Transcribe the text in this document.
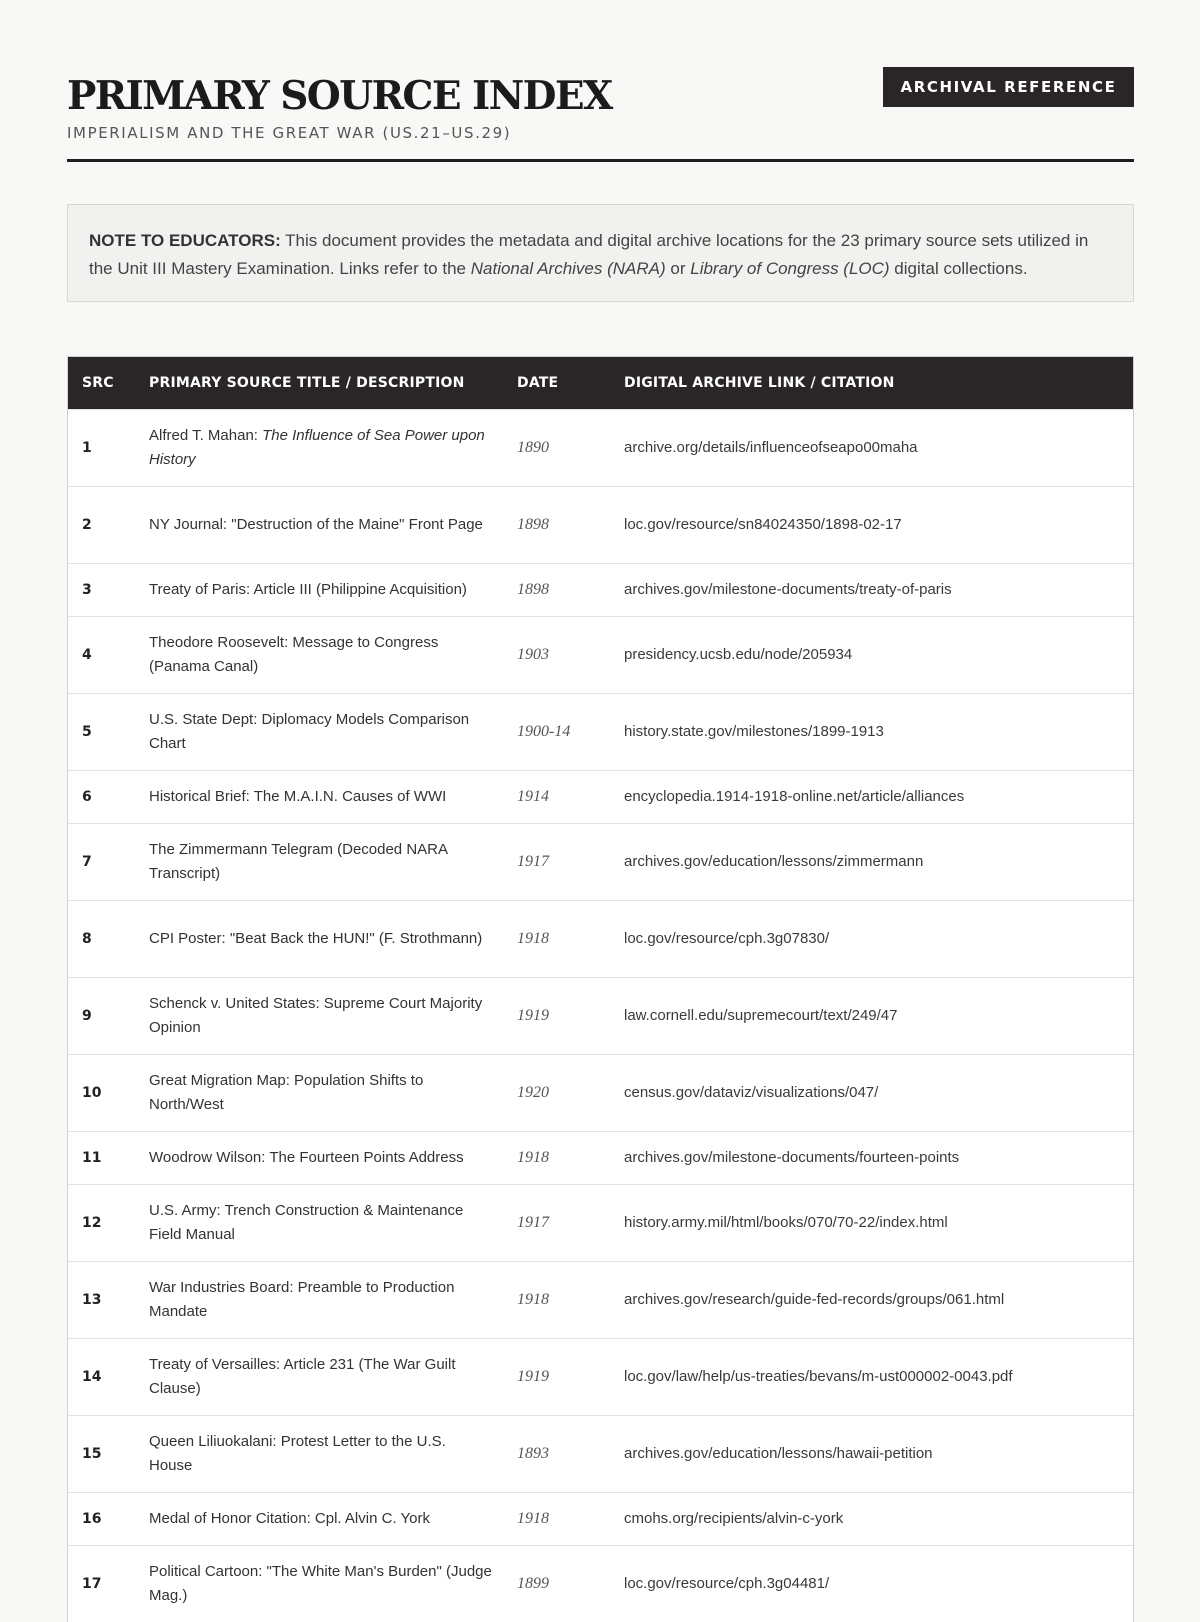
PRIMARY SOURCE INDEX
IMPERIALISM AND THE GREAT WAR (US.21–US.29)
ARCHIVAL REFERENCE
NOTE TO EDUCATORS: This document provides the metadata and digital archive locations for the 23 primary source sets utilized in the Unit III Mastery Examination. Links refer to the National Archives (NARA) or Library of Congress (LOC) digital collections.
SRC	PRIMARY SOURCE TITLE / DESCRIPTION	DATE	DIGITAL ARCHIVE LINK / CITATION
1	Alfred T. Mahan: The Influence of Sea Power upon History	1890	archive.org/details/influenceofseapo00maha
2	NY Journal: "Destruction of the Maine" Front Page	1898	loc.gov/resource/sn84024350/1898-02-17
3	Treaty of Paris: Article III (Philippine Acquisition)	1898	archives.gov/milestone-documents/treaty-of-paris
4	Theodore Roosevelt: Message to Congress (Panama Canal)	1903	presidency.ucsb.edu/node/205934
5	U.S. State Dept: Diplomacy Models Comparison Chart	1900-14	history.state.gov/milestones/1899-1913
6	Historical Brief: The M.A.I.N. Causes of WWI	1914	encyclopedia.1914-1918-online.net/article/alliances
7	The Zimmermann Telegram (Decoded NARA Transcript)	1917	archives.gov/education/lessons/zimmermann
8	CPI Poster: "Beat Back the HUN!" (F. Strothmann)	1918	loc.gov/resource/cph.3g07830/
9	Schenck v. United States: Supreme Court Majority Opinion	1919	law.cornell.edu/supremecourt/text/249/47
10	Great Migration Map: Population Shifts to North/West	1920	census.gov/dataviz/visualizations/047/
11	Woodrow Wilson: The Fourteen Points Address	1918	archives.gov/milestone-documents/fourteen-points
12	U.S. Army: Trench Construction & Maintenance Field Manual	1917	history.army.mil/html/books/070/70-22/index.html
13	War Industries Board: Preamble to Production Mandate	1918	archives.gov/research/guide-fed-records/groups/061.html
14	Treaty of Versailles: Article 231 (The War Guilt Clause)	1919	loc.gov/law/help/us-treaties/bevans/m-ust000002-0043.pdf
15	Queen Liliuokalani: Protest Letter to the U.S. House	1893	archives.gov/education/lessons/hawaii-petition
16	Medal of Honor Citation: Cpl. Alvin C. York	1918	cmohs.org/recipients/alvin-c-york
17	Political Cartoon: "The White Man's Burden" (Judge Mag.)	1899	loc.gov/resource/cph.3g04481/
